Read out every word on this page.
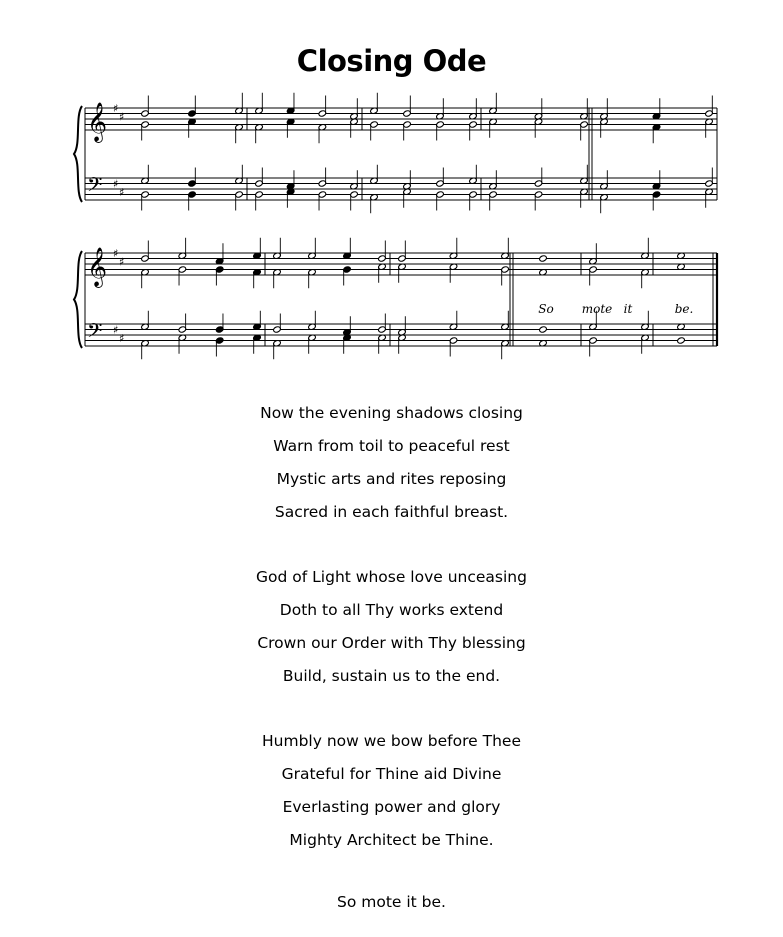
Closing Ode
𝄞
𝄢
♯
♯
♯
♯
𝄞
𝄢
♯
♯
♯
♯
So mote it	be.
Now the evening shadows closing
Warn from toil to peaceful rest
Mystic arts and rites reposing
Sacred in each faithful breast.
God of Light whose love unceasing
Doth to all Thy works extend
Crown our Order with Thy blessing
Build, sustain us to the end.
Humbly now we bow before Thee
Grateful for Thine aid Divine
Everlasting power and glory
Mighty Architect be Thine.
So mote it be.
